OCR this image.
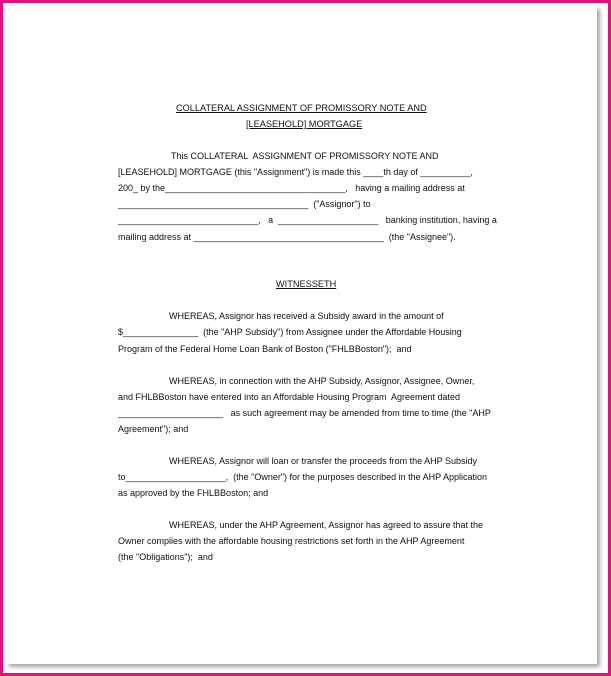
COLLATERAL ASSIGNMENT OF PROMISSORY NOTE AND
[LEASEHOLD] MORTGAGE
This COLLATERAL  ASSIGNMENT OF PROMISSORY NOTE AND
[LEASEHOLD] MORTGAGE (this "Assignment") is made this ____th day of __________,
200_ by the____________________________________,   having a mailing address at
______________________________________  ("Assignor") to
____________________________,   a  ____________________   banking institution, having a
mailing address at ______________________________________  (the "Assignee").
WITNESSETH
WHEREAS, Assignor has received a Subsidy award in the amount of
$_______________  (the "AHP Subsidy") from Assignee under the Affordable Housing
Program of the Federal Home Loan Bank of Boston ("FHLBBoston");  and
WHEREAS, in connection with the AHP Subsidy, Assignor, Assignee, Owner,
and FHLBBoston have entered into an Affordable Housing Program  Agreement dated
_____________________   as such agreement may be amended from time to time (the "AHP
Agreement"); and
WHEREAS, Assignor will loan or transfer the proceeds from the AHP Subsidy
to____________________,  (the "Owner") for the purposes described in the AHP Application
as approved by the FHLBBoston; and
WHEREAS, under the AHP Agreement, Assignor has agreed to assure that the
Owner complies with the affordable housing restrictions set forth in the AHP Agreement
(the "Obligations");  and
